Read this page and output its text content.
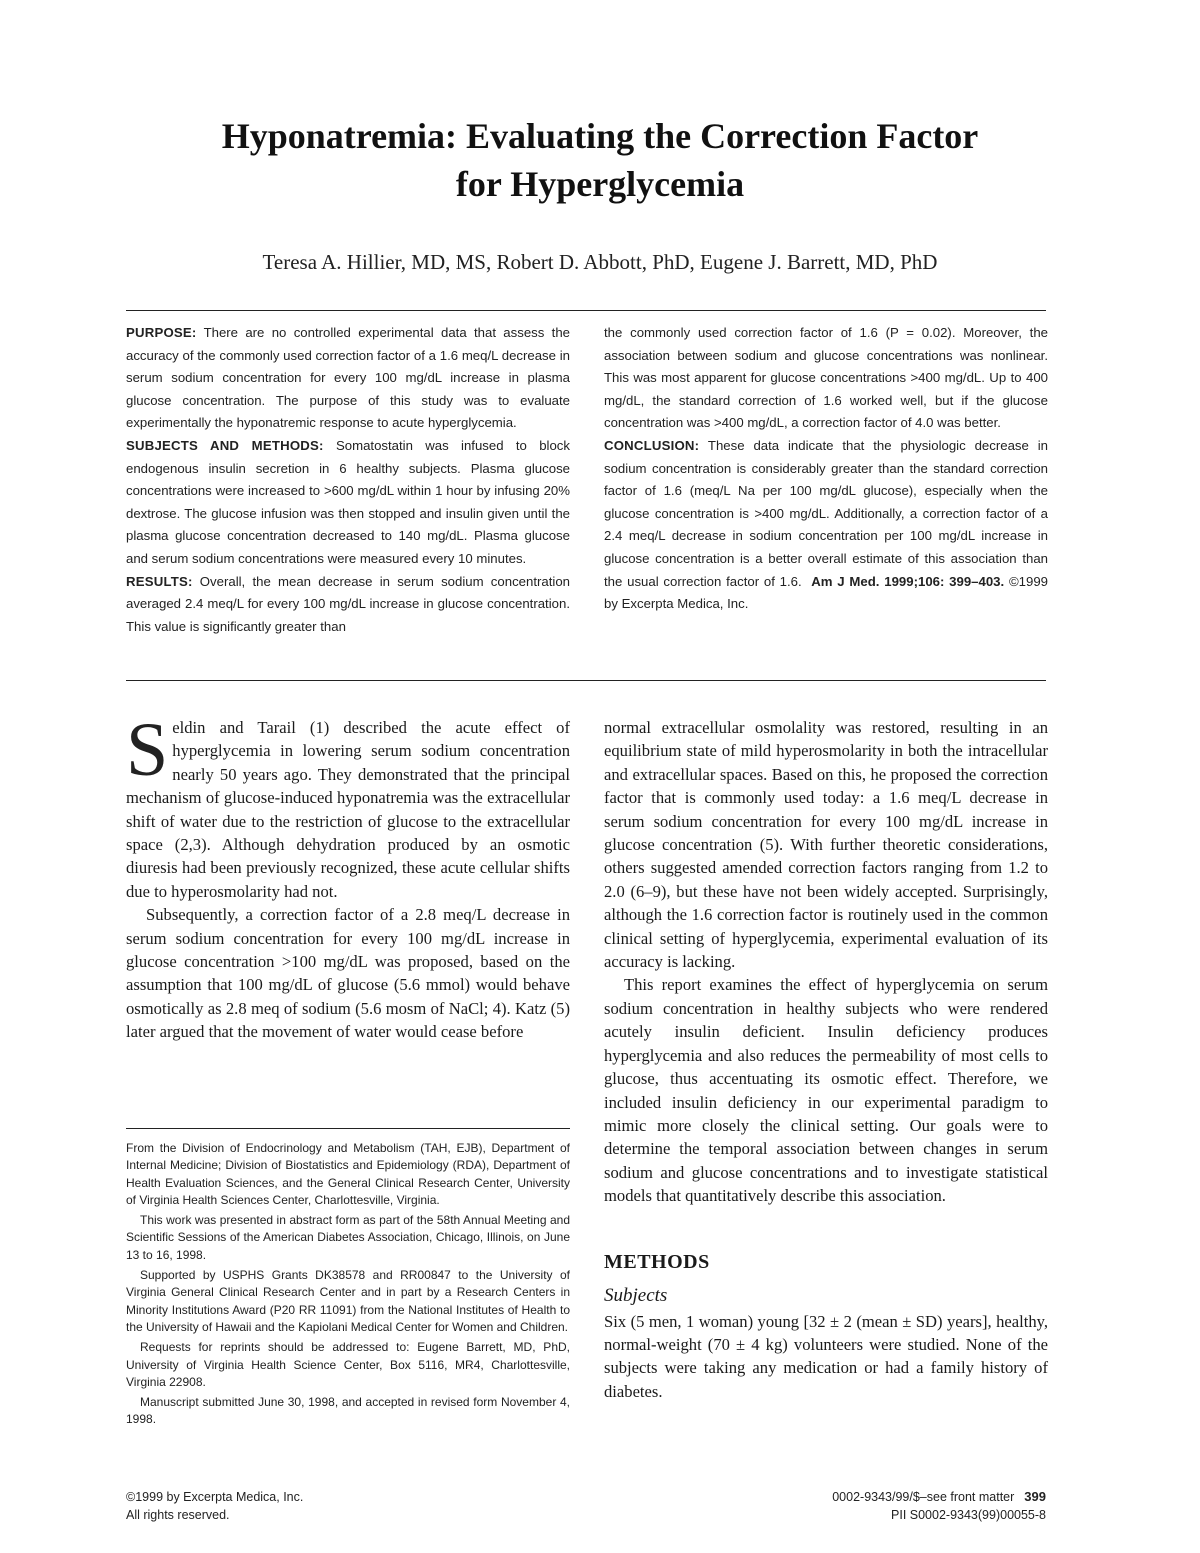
Hyponatremia: Evaluating the Correction Factor
for Hyperglycemia
Teresa A. Hillier, MD, MS, Robert D. Abbott, PhD, Eugene J. Barrett, MD, PhD

PURPOSE: There are no controlled experimental data that assess the accuracy of the commonly used correction factor of a 1.6 meq/L decrease in serum sodium concentration for every 100 mg/dL increase in plasma glucose concentration. The purpose of this study was to evaluate experimentally the hyponatremic response to acute hyperglycemia.

SUBJECTS AND METHODS: Somatostatin was infused to block endogenous insulin secretion in 6 healthy subjects. Plasma glucose concentrations were increased to >600 mg/dL within 1 hour by infusing 20% dextrose. The glucose infusion was then stopped and insulin given until the plasma glucose concentration decreased to 140 mg/dL. Plasma glucose and serum sodium concentrations were measured every 10 minutes.

RESULTS: Overall, the mean decrease in serum sodium concentration averaged 2.4 meq/L for every 100 mg/dL increase in glucose concentration. This value is significantly greater than

the commonly used correction factor of 1.6 (P = 0.02). Moreover, the association between sodium and glucose concentrations was nonlinear. This was most apparent for glucose concentrations >400 mg/dL. Up to 400 mg/dL, the standard correction of 1.6 worked well, but if the glucose concentration was >400 mg/dL, a correction factor of 4.0 was better.

CONCLUSION: These data indicate that the physiologic decrease in sodium concentration is considerably greater than the standard correction factor of 1.6 (meq/L Na per 100 mg/dL glucose), especially when the glucose concentration is >400 mg/dL. Additionally, a correction factor of a 2.4 meq/L decrease in sodium concentration per 100 mg/dL increase in glucose concentration is a better overall estimate of this association than the usual correction factor of 1.6. Am J Med. 1999;106: 399–403. ©1999 by Excerpta Medica, Inc.

Seldin and Tarail (1) described the acute effect of hyperglycemia in lowering serum sodium concentration nearly 50 years ago. They demonstrated that the principal mechanism of glucose-induced hyponatremia was the extracellular shift of water due to the restriction of glucose to the extracellular space (2,3). Although dehydration produced by an osmotic diuresis had been previously recognized, these acute cellular shifts due to hyperosmolarity had not.

Subsequently, a correction factor of a 2.8 meq/L decrease in serum sodium concentration for every 100 mg/dL increase in glucose concentration >100 mg/dL was proposed, based on the assumption that 100 mg/dL of glucose (5.6 mmol) would behave osmotically as 2.8 meq of sodium (5.6 mosm of NaCl; 4). Katz (5) later argued that the movement of water would cease before

normal extracellular osmolality was restored, resulting in an equilibrium state of mild hyperosmolarity in both the intracellular and extracellular spaces. Based on this, he proposed the correction factor that is commonly used today: a 1.6 meq/L decrease in serum sodium concentration for every 100 mg/dL increase in glucose concentration (5). With further theoretic considerations, others suggested amended correction factors ranging from 1.2 to 2.0 (6–9), but these have not been widely accepted. Surprisingly, although the 1.6 correction factor is routinely used in the common clinical setting of hyperglycemia, experimental evaluation of its accuracy is lacking.

This report examines the effect of hyperglycemia on serum sodium concentration in healthy subjects who were rendered acutely insulin deficient. Insulin deficiency produces hyperglycemia and also reduces the permeability of most cells to glucose, thus accentuating its osmotic effect. Therefore, we included insulin deficiency in our experimental paradigm to mimic more closely the clinical setting. Our goals were to determine the temporal association between changes in serum sodium and glucose concentrations and to investigate statistical models that quantitatively describe this association.

METHODS
Subjects

Six (5 men, 1 woman) young [32 ± 2 (mean ± SD) years], healthy, normal-weight (70 ± 4 kg) volunteers were studied. None of the subjects were taking any medication or had a family history of diabetes.

From the Division of Endocrinology and Metabolism (TAH, EJB), Department of Internal Medicine; Division of Biostatistics and Epidemiology (RDA), Department of Health Evaluation Sciences, and the General Clinical Research Center, University of Virginia Health Sciences Center, Charlottesville, Virginia.

This work was presented in abstract form as part of the 58th Annual Meeting and Scientific Sessions of the American Diabetes Association, Chicago, Illinois, on June 13 to 16, 1998.

Supported by USPHS Grants DK38578 and RR00847 to the University of Virginia General Clinical Research Center and in part by a Research Centers in Minority Institutions Award (P20 RR 11091) from the National Institutes of Health to the University of Hawaii and the Kapiolani Medical Center for Women and Children.

Requests for reprints should be addressed to: Eugene Barrett, MD, PhD, University of Virginia Health Science Center, Box 5116, MR4, Charlottesville, Virginia 22908.

Manuscript submitted June 30, 1998, and accepted in revised form November 4, 1998.

©1999 by Excerpta Medica, Inc.
All rights reserved.
0002-9343/99/$–see front matter 399
PII S0002-9343(99)00055-8
